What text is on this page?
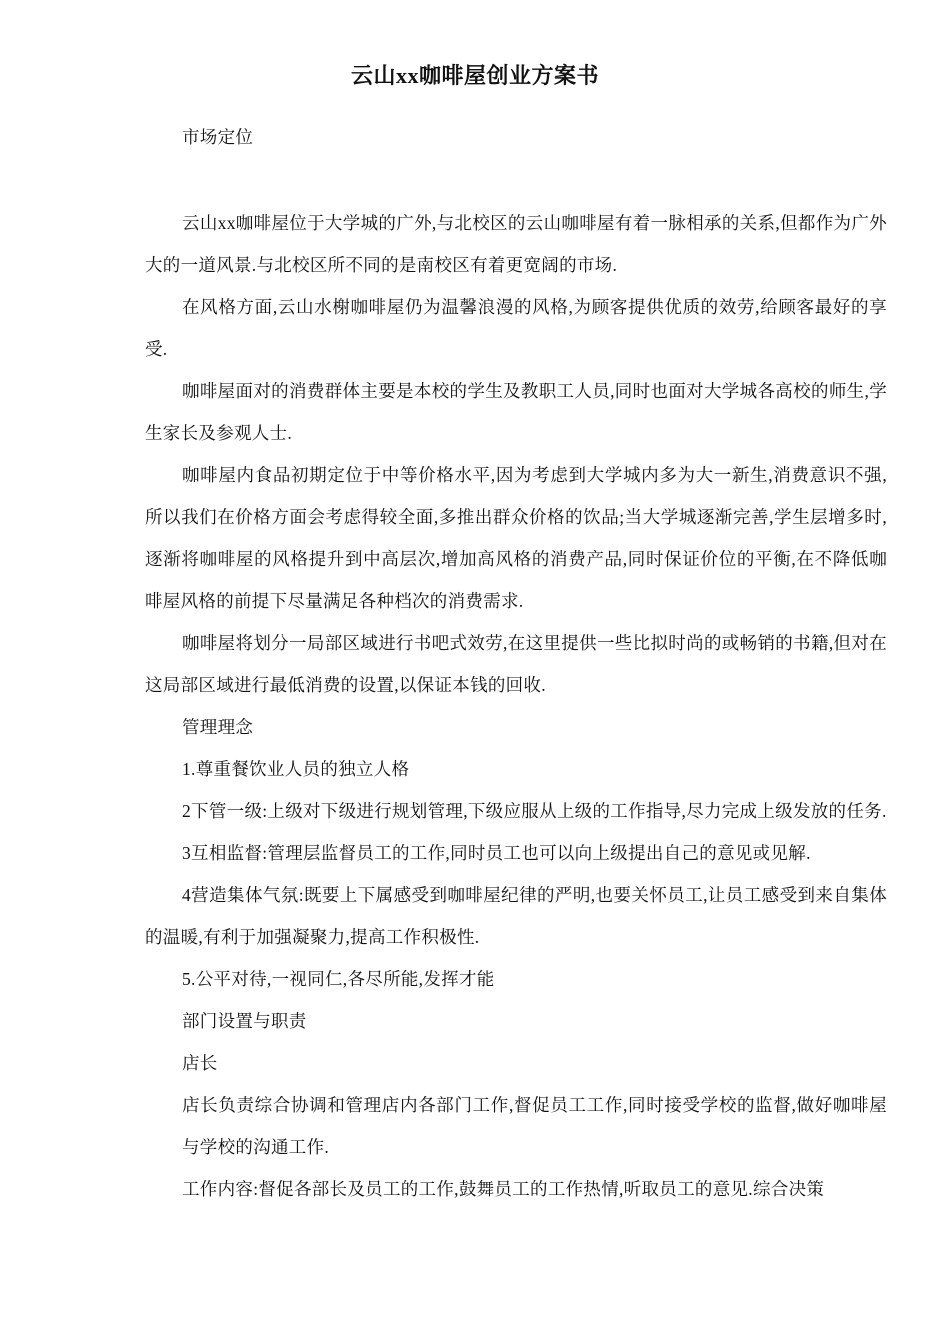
云山xx咖啡屋创业方案书

市场定位

云山xx咖啡屋位于大学城的广外,与北校区的云山咖啡屋有着一脉相承的关系,但都作为广外大的一道风景.与北校区所不同的是南校区有着更宽阔的市场.

在风格方面,云山水榭咖啡屋仍为温馨浪漫的风格,为顾客提供优质的效劳,给顾客最好的享受.

咖啡屋面对的消费群体主要是本校的学生及教职工人员,同时也面对大学城各高校的师生,学生家长及参观人士.

咖啡屋内食品初期定位于中等价格水平,因为考虑到大学城内多为大一新生,消费意识不强,所以我们在价格方面会考虑得较全面,多推出群众价格的饮品;当大学城逐渐完善,学生层增多时,逐渐将咖啡屋的风格提升到中高层次,增加高风格的消费产品,同时保证价位的平衡,在不降低咖啡屋风格的前提下尽量满足各种档次的消费需求.

咖啡屋将划分一局部区域进行书吧式效劳,在这里提供一些比拟时尚的或畅销的书籍,但对在这局部区域进行最低消费的设置,以保证本钱的回收.

管理理念

1.尊重餐饮业人员的独立人格

2下管一级:上级对下级进行规划管理,下级应服从上级的工作指导,尽力完成上级发放的任务.

3互相监督:管理层监督员工的工作,同时员工也可以向上级提出自己的意见或见解.

4营造集体气氛:既要上下属感受到咖啡屋纪律的严明,也要关怀员工,让员工感受到来自集体的温暖,有利于加强凝聚力,提高工作积极性.

5.公平对待,一视同仁,各尽所能,发挥才能

部门设置与职责

店长

店长负责综合协调和管理店内各部门工作,督促员工工作,同时接受学校的监督,做好咖啡屋与学校的沟通工作.

工作内容:督促各部长及员工的工作,鼓舞员工的工作热情,听取员工的意见.综合决策
